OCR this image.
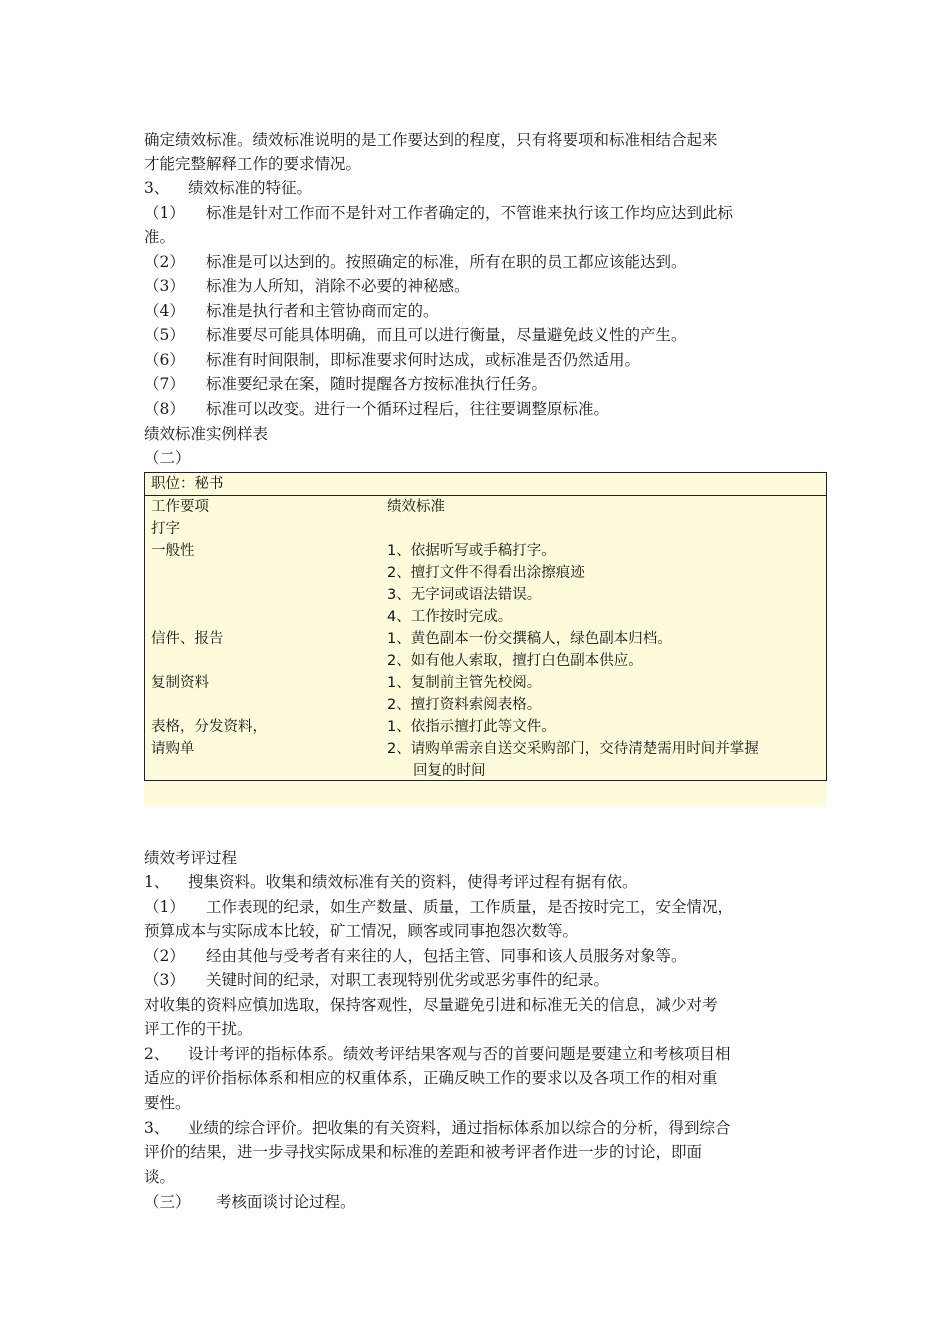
确定绩效标准。绩效标准说明的是工作要达到的程度，只有将要项和标准相结合起来
才能完整解释工作的要求情况。
3、 绩效标准的特征。
（1） 标准是针对工作而不是针对工作者确定的，不管谁来执行该工作均应达到此标
准。
（2） 标准是可以达到的。按照确定的标准，所有在职的员工都应该能达到。
（3） 标准为人所知，消除不必要的神秘感。
（4） 标准是执行者和主管协商而定的。
（5） 标准要尽可能具体明确，而且可以进行衡量，尽量避免歧义性的产生。
（6） 标准有时间限制，即标准要求何时达成，或标准是否仍然适用。
（7） 标准要纪录在案，随时提醒各方按标准执行任务。
（8） 标准可以改变。进行一个循环过程后，往往要调整原标准。
绩效标准实例样表
（二）
职位：秘书
工作要项	绩效标准
打字
一般性
信件、报告
复制资料
表格，分发资料，
请购单
1、依据听写或手稿打字。
2、擅打文件不得看出涂擦痕迹
3、无字词或语法错误。
4、工作按时完成。
1、黄色副本一份交撰稿人，绿色副本归档。
2、如有他人索取，擅打白色副本供应。
1、复制前主管先校阅。
2、擅打资料索阅表格。
1、依指示擅打此等文件。
2、请购单需亲自送交采购部门，交待清楚需用时间并掌握
回复的时间
绩效考评过程
1、 搜集资料。收集和绩效标准有关的资料，使得考评过程有据有依。
（1） 工作表现的纪录，如生产数量、质量，工作质量，是否按时完工，安全情况，
预算成本与实际成本比较，矿工情况，顾客或同事抱怨次数等。
（2） 经由其他与受考者有来往的人，包括主管、同事和该人员服务对象等。
（3） 关键时间的纪录，对职工表现特别优劣或恶劣事件的纪录。
对收集的资料应慎加选取，保持客观性，尽量避免引进和标准无关的信息，减少对考
评工作的干扰。
2、 设计考评的指标体系。绩效考评结果客观与否的首要问题是要建立和考核项目相
适应的评价指标体系和相应的权重体系，正确反映工作的要求以及各项工作的相对重
要性。
3、 业绩的综合评价。把收集的有关资料，通过指标体系加以综合的分析，得到综合
评价的结果，进一步寻找实际成果和标准的差距和被考评者作进一步的讨论，即面
谈。
（三） 考核面谈讨论过程。
